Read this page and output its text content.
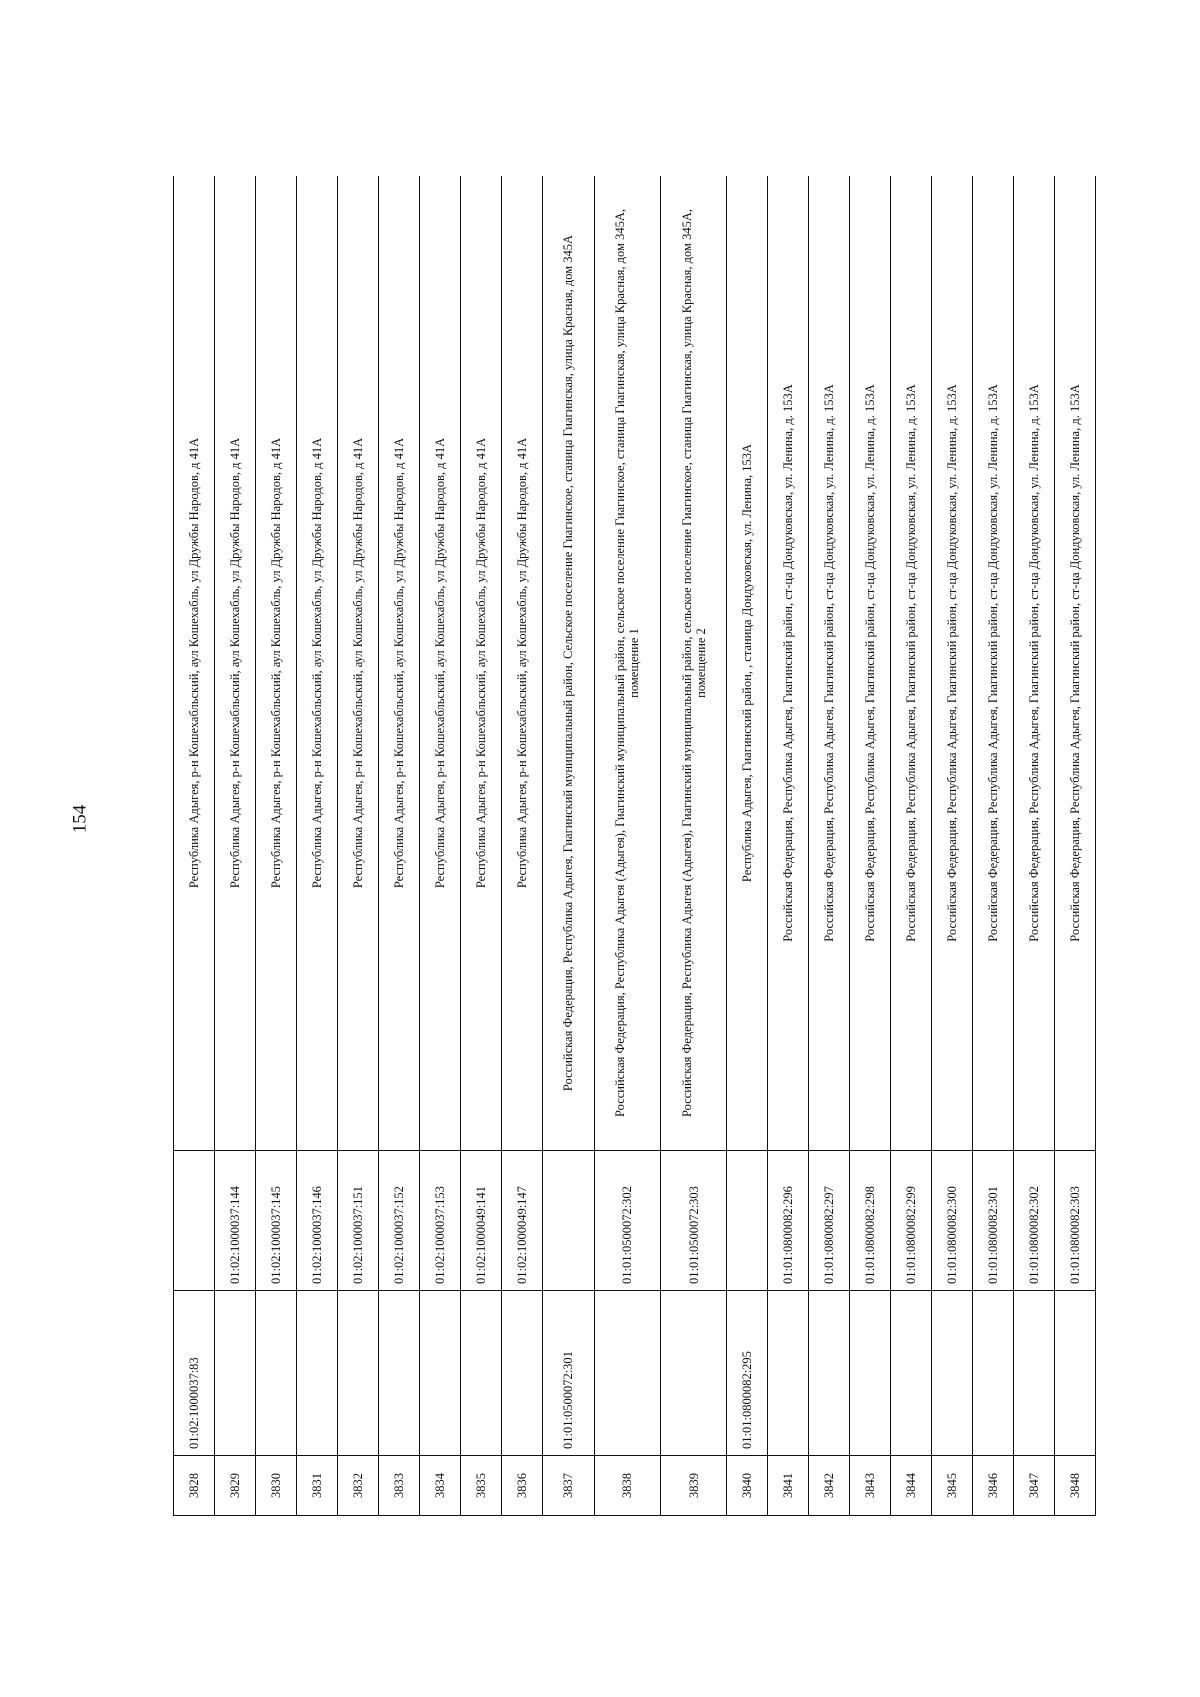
154
3828	01:02:1000037:83		Республика Адыгея, р-н Кошехабльский, аул Кошехабль, ул Дружбы Народов, д 41А
3829		01:02:1000037:144	Республика Адыгея, р-н Кошехабльский, аул Кошехабль, ул Дружбы Народов, д 41А
3830		01:02:1000037:145	Республика Адыгея, р-н Кошехабльский, аул Кошехабль, ул Дружбы Народов, д 41А
3831		01:02:1000037:146	Республика Адыгея, р-н Кошехабльский, аул Кошехабль, ул Дружбы Народов, д 41А
3832		01:02:1000037:151	Республика Адыгея, р-н Кошехабльский, аул Кошехабль, ул Дружбы Народов, д 41А
3833		01:02:1000037:152	Республика Адыгея, р-н Кошехабльский, аул Кошехабль, ул Дружбы Народов, д 41А
3834		01:02:1000037:153	Республика Адыгея, р-н Кошехабльский, аул Кошехабль, ул Дружбы Народов, д 41А
3835		01:02:1000049:141	Республика Адыгея, р-н Кошехабльский, аул Кошехабль, ул Дружбы Народов, д 41А
3836		01:02:1000049:147	Республика Адыгея, р-н Кошехабльский, аул Кошехабль, ул Дружбы Народов, д 41А
3837	01:01:0500072:301		Российская Федерация, Республика Адыгея, Гиагинский муниципальный район, Сельское поселение Гиагинское, станица Гиагинская, улица Красная, дом 345А
3838		01:01:0500072:302	Российская Федерация, Республика Адыгея (Адыгея), Гиагинский муниципальный район, сельское поселение Гиагинское, станица Гиагинская, улица Красная, дом 345А, помещение 1
3839		01:01:0500072:303	Российская Федерация, Республика Адыгея (Адыгея), Гиагинский муниципальный район, сельское поселение Гиагинское, станица Гиагинская, улица Красная, дом 345А, помещение 2
3840	01:01:0800082:295		Республика Адыгея, Гиагинский район, , станица Дондуковская, ул. Ленина, 153А
3841		01:01:0800082:296	Российская Федерация, Республика Адыгея, Гиагинский район, ст-ца Дондуковская, ул. Ленина, д. 153А
3842		01:01:0800082:297	Российская Федерация, Республика Адыгея, Гиагинский район, ст-ца Дондуковская, ул. Ленина, д. 153А
3843		01:01:0800082:298	Российская Федерация, Республика Адыгея, Гиагинский район, ст-ца Дондуковская, ул. Ленина, д. 153А
3844		01:01:0800082:299	Российская Федерация, Республика Адыгея, Гиагинский район, ст-ца Дондуковская, ул. Ленина, д. 153А
3845		01:01:0800082:300	Российская Федерация, Республика Адыгея, Гиагинский район, ст-ца Дондуковская, ул. Ленина, д. 153А
3846		01:01:0800082:301	Российская Федерация, Республика Адыгея, Гиагинский район, ст-ца Дондуковская, ул. Ленина, д. 153А
3847		01:01:0800082:302	Российская Федерация, Республика Адыгея, Гиагинский район, ст-ца Дондуковская, ул. Ленина, д. 153А
3848		01:01:0800082:303	Российская Федерация, Республика Адыгея, Гиагинский район, ст-ца Дондуковская, ул. Ленина, д. 153А
